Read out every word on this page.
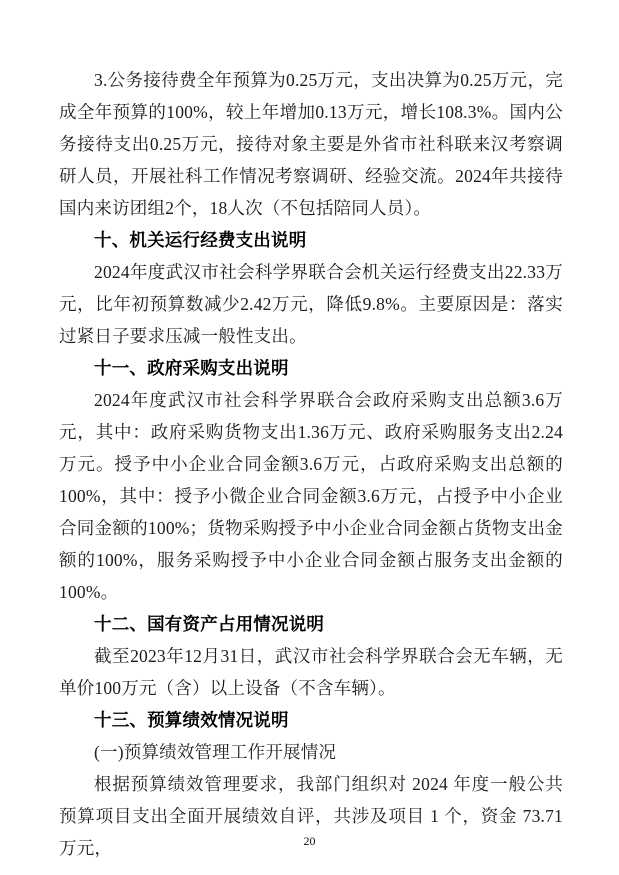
3.公务接待费全年预算为0.25万元，支出决算为0.25万元，完成全年预算的100%，较上年增加0.13万元，增长108.3%。国内公务接待支出0.25万元，接待对象主要是外省市社科联来汉考察调研人员，开展社科工作情况考察调研、经验交流。2024年共接待国内来访团组2个，18人次（不包括陪同人员）。

十、机关运行经费支出说明

2024年度武汉市社会科学界联合会机关运行经费支出22.33万元，比年初预算数减少2.42万元，降低9.8%。主要原因是：落实过紧日子要求压减一般性支出。

十一、政府采购支出说明

2024年度武汉市社会科学界联合会政府采购支出总额3.6万元，其中：政府采购货物支出1.36万元、政府采购服务支出2.24万元。授予中小企业合同金额3.6万元，占政府采购支出总额的100%，其中：授予小微企业合同金额3.6万元，占授予中小企业合同金额的100%；货物采购授予中小企业合同金额占货物支出金额的100%，服务采购授予中小企业合同金额占服务支出金额的100%。

十二、国有资产占用情况说明

截至2023年12月31日，武汉市社会科学界联合会无车辆，无单价100万元（含）以上设备（不含车辆）。

十三、预算绩效情况说明

(一)预算绩效管理工作开展情况

根据预算绩效管理要求，我部门组织对 2024 年度一般公共预算项目支出全面开展绩效自评，共涉及项目 1 个，资金 73.71 万元，	20
